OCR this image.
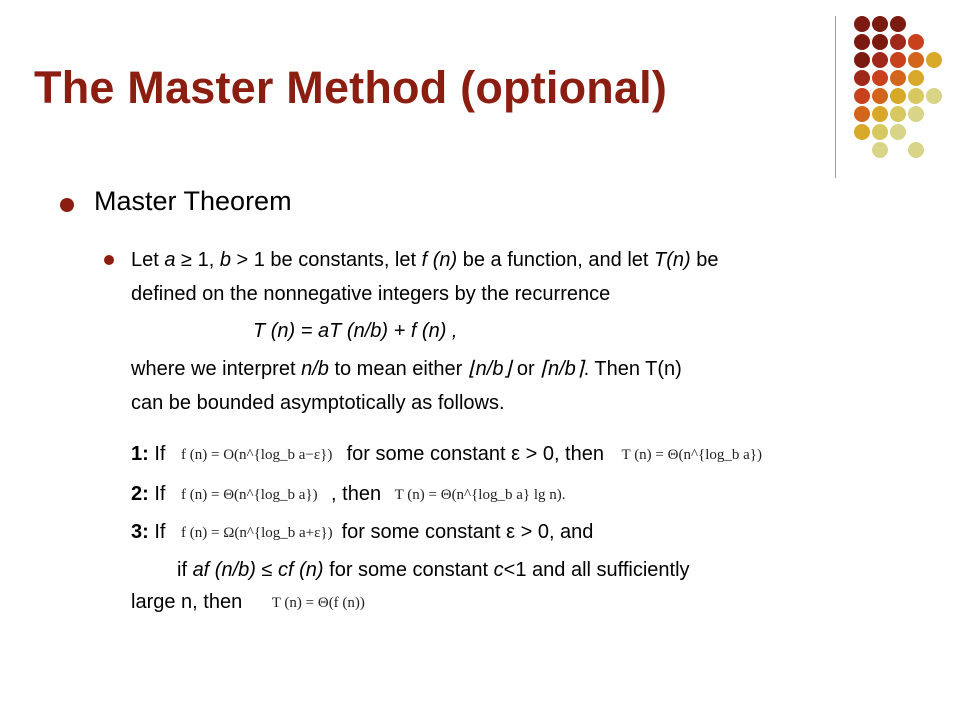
The Master Method (optional)
Master Theorem
Let a ≥ 1, b > 1 be constants, let f (n) be a function, and let T(n) be
defined on the nonnegative integers by the recurrence
T (n) = aT (n/b) + f (n) ,
where we interpret n/b to mean either ⌊n/b⌋ or ⌈n/b⌉. Then T(n)
can be bounded asymptotically as follows.
1: If f (n) = O(n^{log_b a−ε}) for some constant ε > 0, then T (n) = Θ(n^{log_b a})
2: If f (n) = Θ(n^{log_b a}) , then T (n) = Θ(n^{log_b a} lg n).
3: If f (n) = Ω(n^{log_b a+ε}) for some constant ε > 0, and
if af (n/b) ≤ cf (n) for some constant c<1 and all sufficiently
large n, then T (n) = Θ(f (n))
